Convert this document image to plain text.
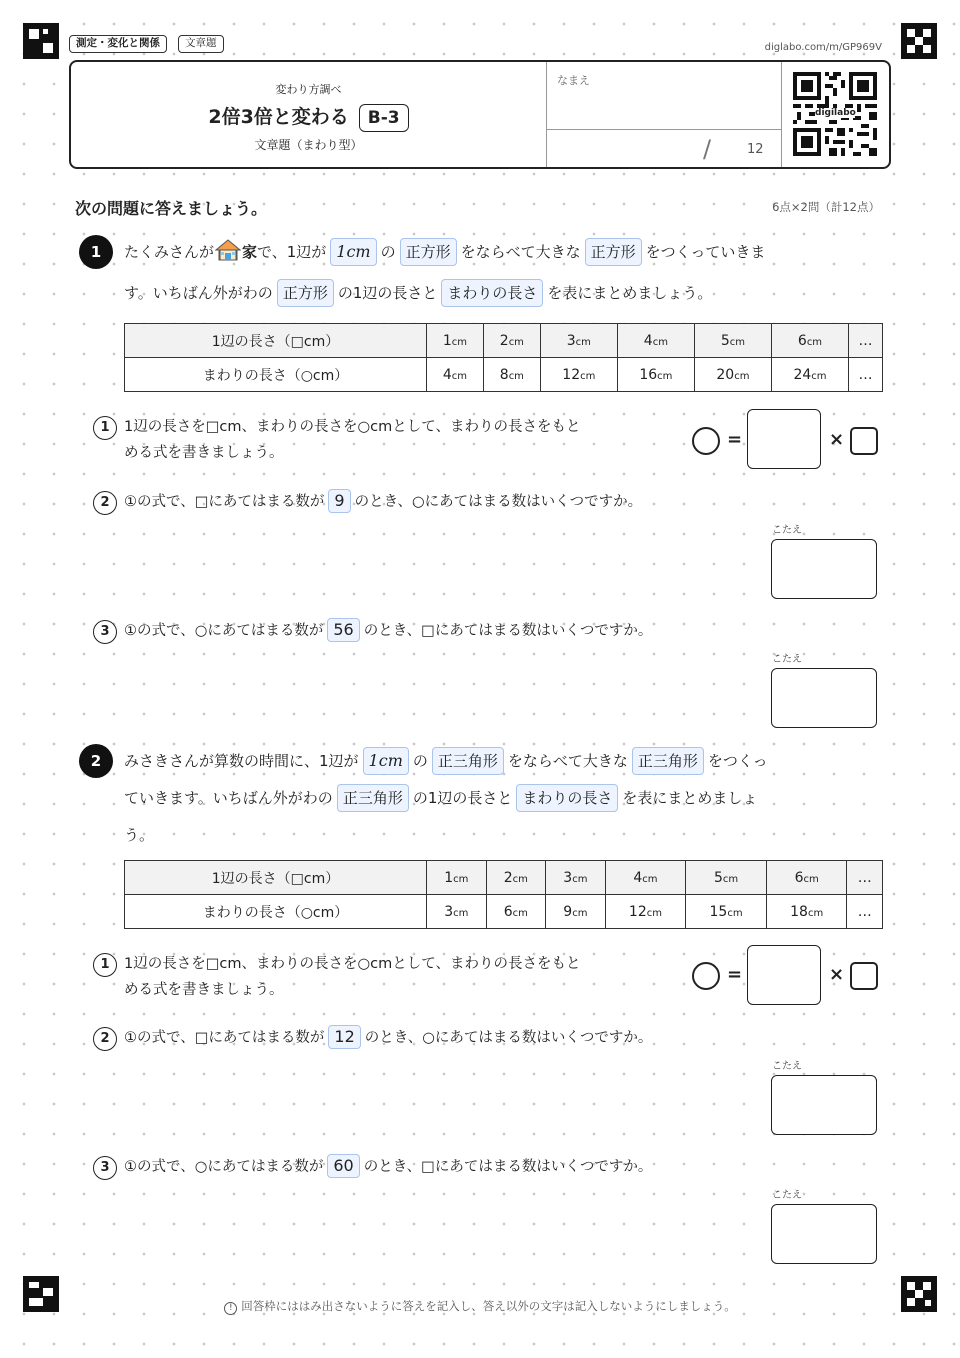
測定・変化と関係	文章題	diglabo.com/m/GP969V
変わり方調べ
2倍3倍と変わる B-3
文章題（まわり型）
なまえ
/	12
digilabo
次の問題に答えましょう。	6点×2問（計12点）
1	たくみさんが 家で、1辺が 1cm の 正方形 をならべて大きな 正方形 をつくっていきま
す。いちばん外がわの 正方形 の1辺の長さと まわりの長さ を表にまとめましょう。
1辺の長さ（□cm）	1cm	2cm	3cm	4cm	5cm	6cm	…
まわりの長さ（○cm）	4cm	8cm	12cm	16cm	20cm	24cm	…
1 1辺の長さを□cm、まわりの長さを○cmとして、まわりの長さをもと
める式を書きましょう。
=	×
2 ①の式で、□にあてはまる数が 9 のとき、○にあてはまる数はいくつですか。
こたえ
3 ①の式で、○にあてはまる数が 56 のとき、□にあてはまる数はいくつですか。
こたえ
2	みさきさんが算数の時間に、1辺が 1cm の 正三角形 をならべて大きな 正三角形 をつくっ
ていきます。いちばん外がわの 正三角形 の1辺の長さと まわりの長さ を表にまとめましょ
う。
1辺の長さ（□cm）	1cm	2cm	3cm	4cm	5cm	6cm	…
まわりの長さ（○cm）	3cm	6cm	9cm	12cm	15cm	18cm	…
1 1辺の長さを□cm、まわりの長さを○cmとして、まわりの長さをもと
める式を書きましょう。
=	×
2 ①の式で、□にあてはまる数が 12 のとき、○にあてはまる数はいくつですか。
こたえ
3 ①の式で、○にあてはまる数が 60 のとき、□にあてはまる数はいくつですか。
こたえ
! 回答枠にははみ出さないように答えを記入し、答え以外の文字は記入しないようにしましょう。
